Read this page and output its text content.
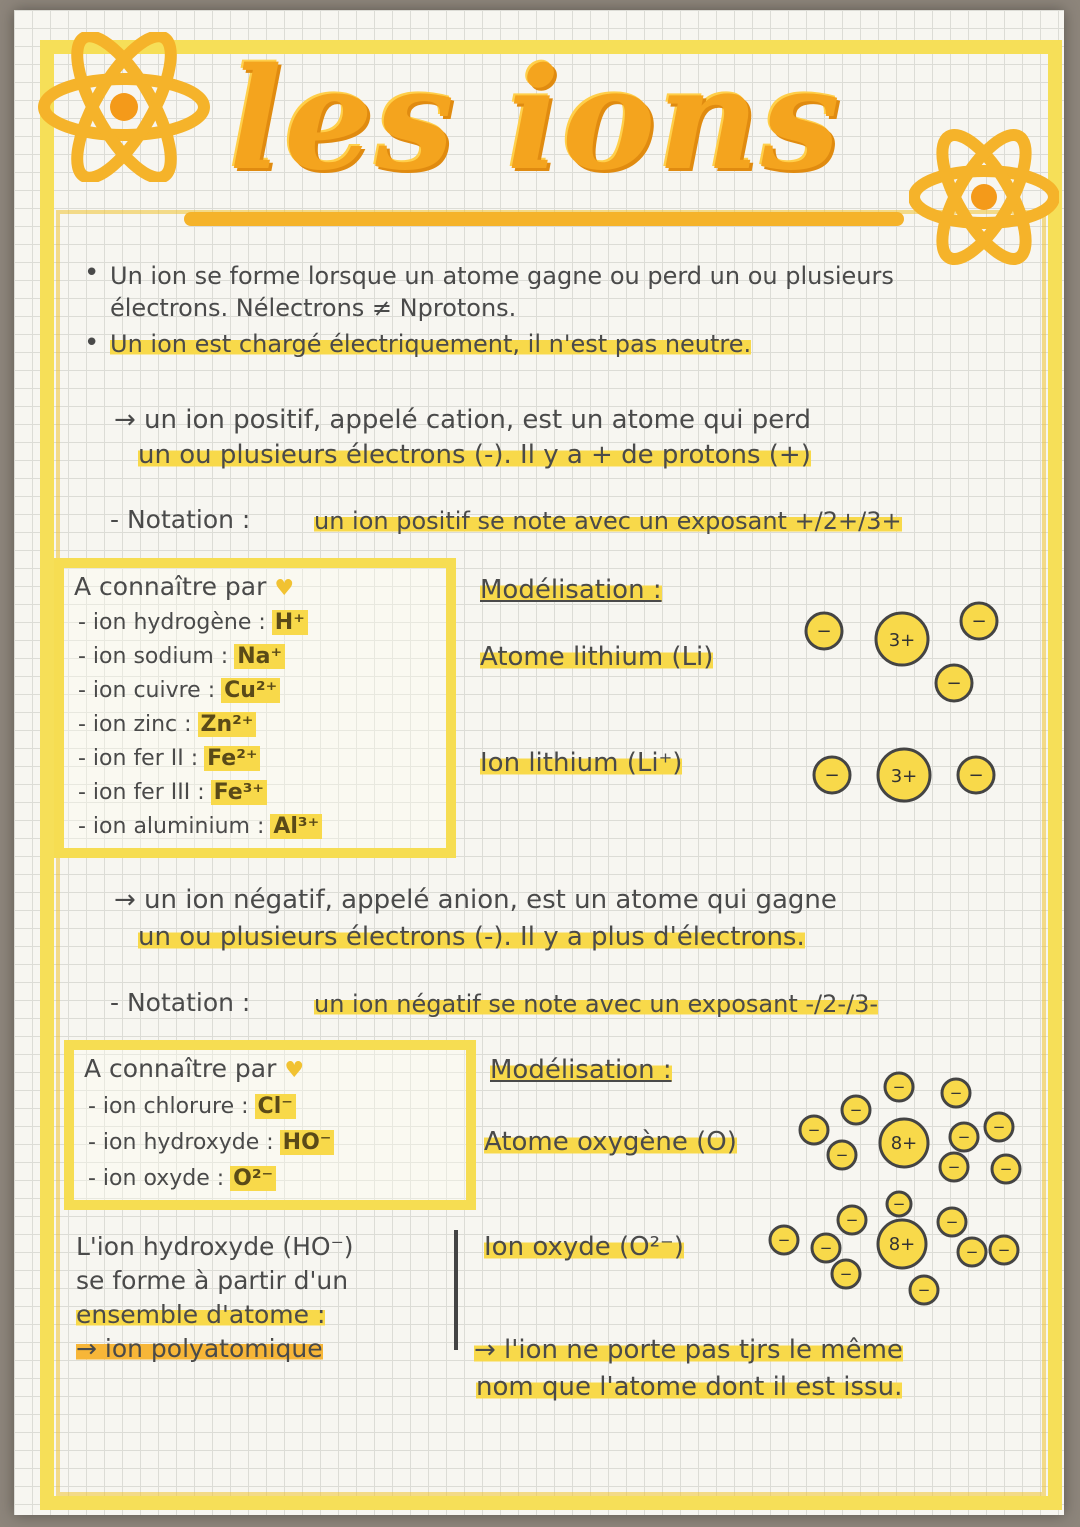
les ions
• Un ion se forme lorsque un atome gagne ou perd un ou plusieurs électrons. Nélectrons ≠ Nprotons.
• Un ion est chargé électriquement, il n'est pas neutre.
→ un ion positif, appelé cation, est un atome qui perd
un ou plusieurs électrons (-). Il y a + de protons (+)
- Notation :	un ion positif se note avec un exposant +/2+/3+
A connaître par ♥
- ion hydrogène : H⁺
- ion sodium : Na⁺
- ion cuivre : Cu²⁺
- ion zinc : Zn²⁺
- ion fer II : Fe²⁺
- ion fer III : Fe³⁺
- ion aluminium : Al³⁺
Modélisation :
Atome lithium (Li)
Ion lithium (Li⁺)
−	3+
−
−
−	3+	−
→ un ion négatif, appelé anion, est un atome qui gagne
un ou plusieurs électrons (-). Il y a plus d'électrons.
- Notation :	un ion négatif se note avec un exposant -/2-/3-
A connaître par ♥
- ion chlorure : Cl⁻
- ion hydroxyde : HO⁻
- ion oxyde : O²⁻
Modélisation :
Atome oxygène (O)
Ion oxyde (O²⁻)
−	−
−
−
−
8+	−
−
−	−
−
−	−
− −	8+	− −
−
−
L'ion hydroxyde (HO⁻)
se forme à partir d'un
ensemble d'atome :
→ ion polyatomique	→ l'ion ne porte pas tjrs le même
nom que l'atome dont il est issu.
